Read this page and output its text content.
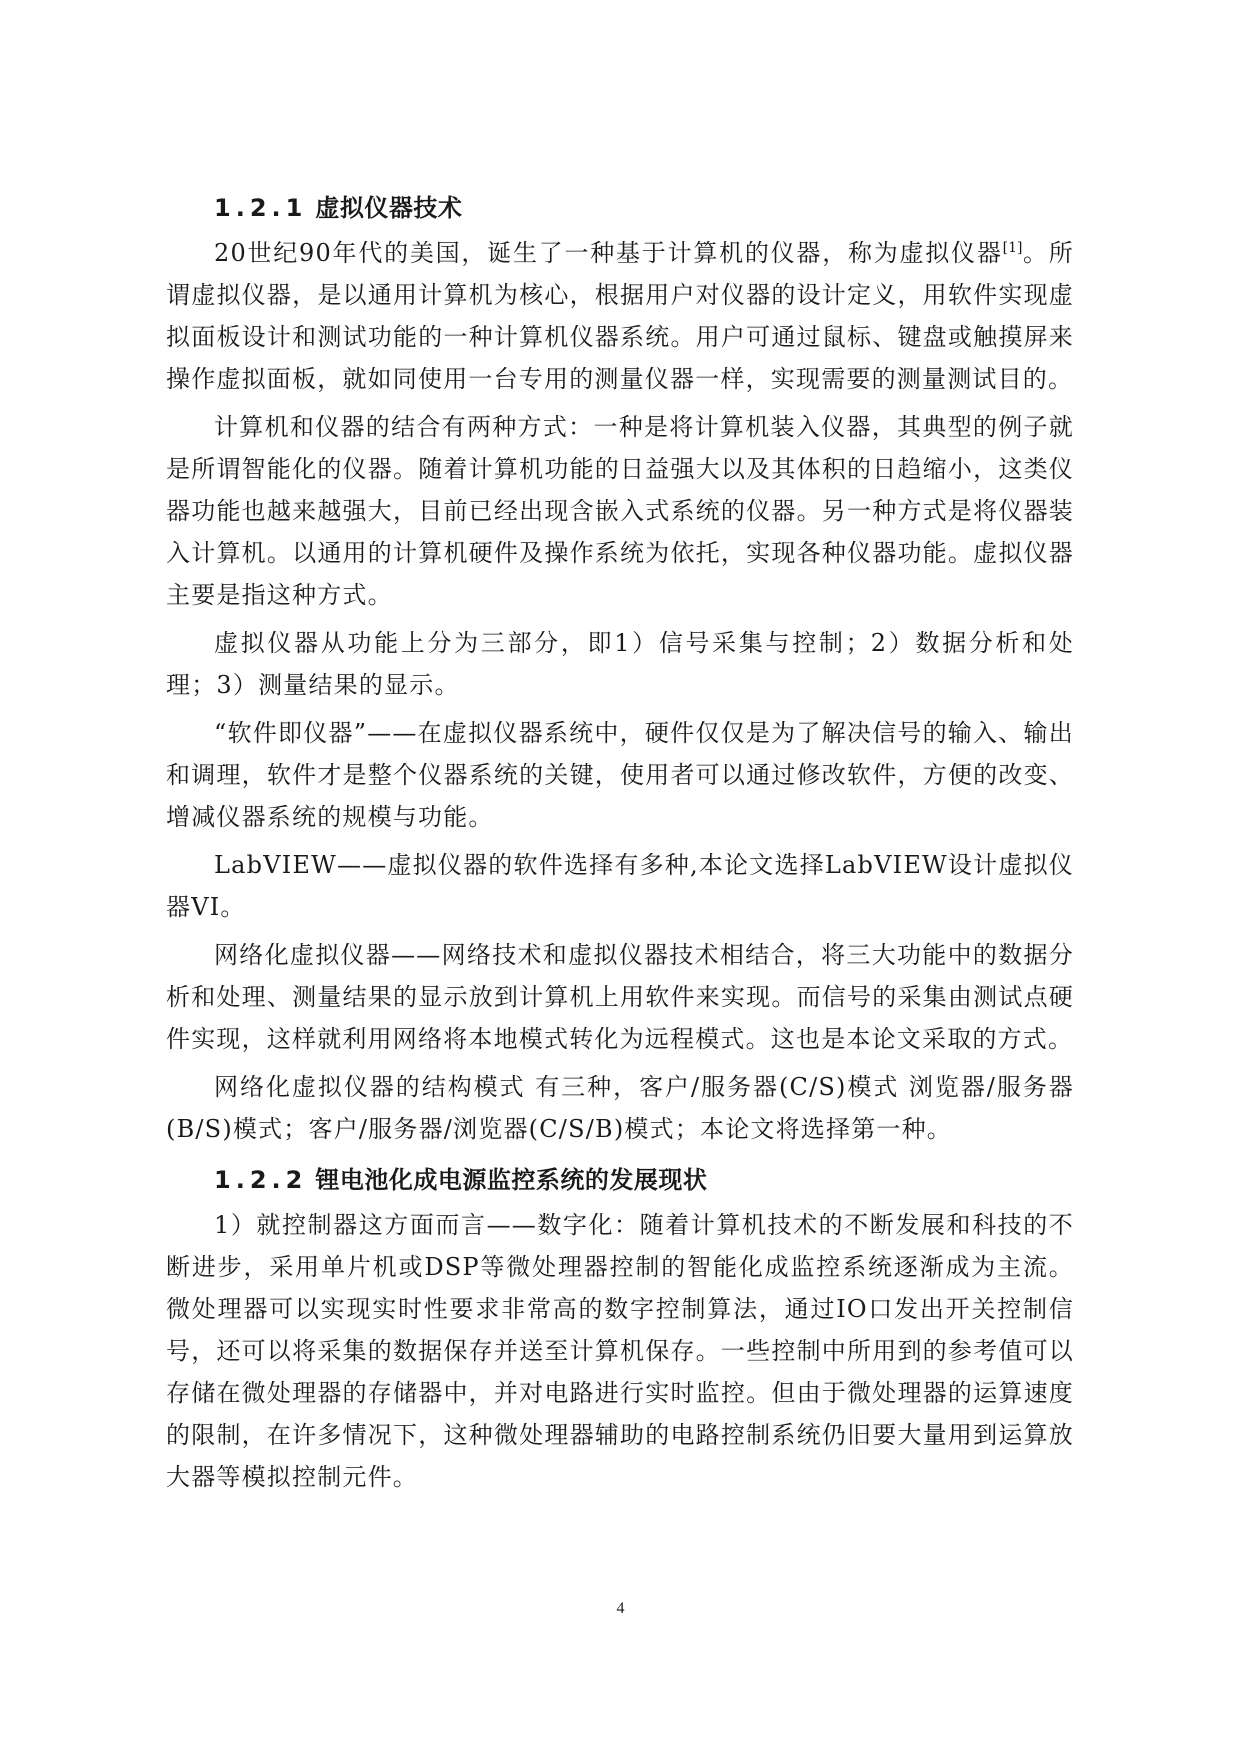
1.2.1 虚拟仪器技术

20世纪90年代的美国，诞生了一种基于计算机的仪器，称为虚拟仪器[1]。所谓虚拟仪器，是以通用计算机为核心，根据用户对仪器的设计定义，用软件实现虚拟面板设计和测试功能的一种计算机仪器系统。用户可通过鼠标、键盘或触摸屏来操作虚拟面板，就如同使用一台专用的测量仪器一样，实现需要的测量测试目的。

计算机和仪器的结合有两种方式：一种是将计算机装入仪器，其典型的例子就是所谓智能化的仪器。随着计算机功能的日益强大以及其体积的日趋缩小，这类仪器功能也越来越强大，目前已经出现含嵌入式系统的仪器。另一种方式是将仪器装入计算机。以通用的计算机硬件及操作系统为依托，实现各种仪器功能。虚拟仪器主要是指这种方式。

虚拟仪器从功能上分为三部分，即1）信号采集与控制；2）数据分析和处理；3）测量结果的显示。

“软件即仪器”——在虚拟仪器系统中，硬件仅仅是为了解决信号的输入、输出和调理，软件才是整个仪器系统的关键，使用者可以通过修改软件，方便的改变、增减仪器系统的规模与功能。

LabVIEW——虚拟仪器的软件选择有多种,本论文选择LabVIEW设计虚拟仪器VI。

网络化虚拟仪器——网络技术和虚拟仪器技术相结合，将三大功能中的数据分析和处理、测量结果的显示放到计算机上用软件来实现。而信号的采集由测试点硬件实现，这样就利用网络将本地模式转化为远程模式。这也是本论文采取的方式。

网络化虚拟仪器的结构模式 有三种，客户/服务器(C/S)模式 浏览器/服务器(B/S)模式；客户/服务器/浏览器(C/S/B)模式；本论文将选择第一种。

1.2.2 锂电池化成电源监控系统的发展现状

1）就控制器这方面而言——数字化：随着计算机技术的不断发展和科技的不断进步，采用单片机或DSP等微处理器控制的智能化成监控系统逐渐成为主流。微处理器可以实现实时性要求非常高的数字控制算法，通过IO口发出开关控制信号，还可以将采集的数据保存并送至计算机保存。一些控制中所用到的参考值可以存储在微处理器的存储器中，并对电路进行实时监控。但由于微处理器的运算速度的限制，在许多情况下，这种微处理器辅助的电路控制系统仍旧要大量用到运算放大器等模拟控制元件。

4
